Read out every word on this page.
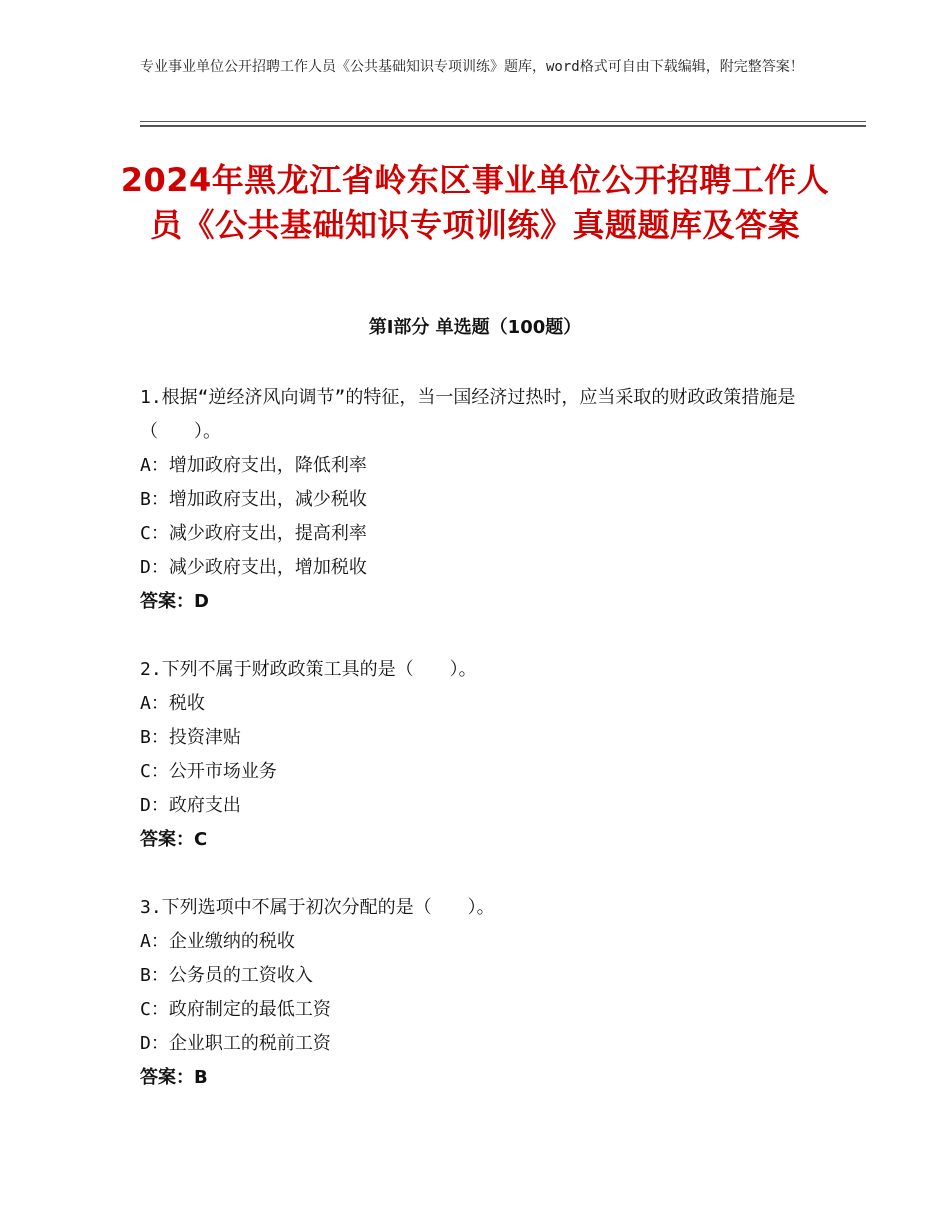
专业事业单位公开招聘工作人员《公共基础知识专项训练》题库，word格式可自由下载编辑，附完整答案！
2024年黑龙江省岭东区事业单位公开招聘工作人员《公共基础知识专项训练》真题题库及答案
第Ⅰ部分 单选题（100题）

1.根据“逆经济风向调节”的特征，当一国经济过热时，应当采取的财政政策措施是（　　）。

A：增加政府支出，降低利率

B：增加政府支出，减少税收

C：减少政府支出，提高利率

D：减少政府支出，增加税收

答案：D

2.下列不属于财政政策工具的是（　　）。

A：税收

B：投资津贴

C：公开市场业务

D：政府支出

答案：C

3.下列选项中不属于初次分配的是（　　）。

A：企业缴纳的税收

B：公务员的工资收入

C：政府制定的最低工资

D：企业职工的税前工资

答案：B
